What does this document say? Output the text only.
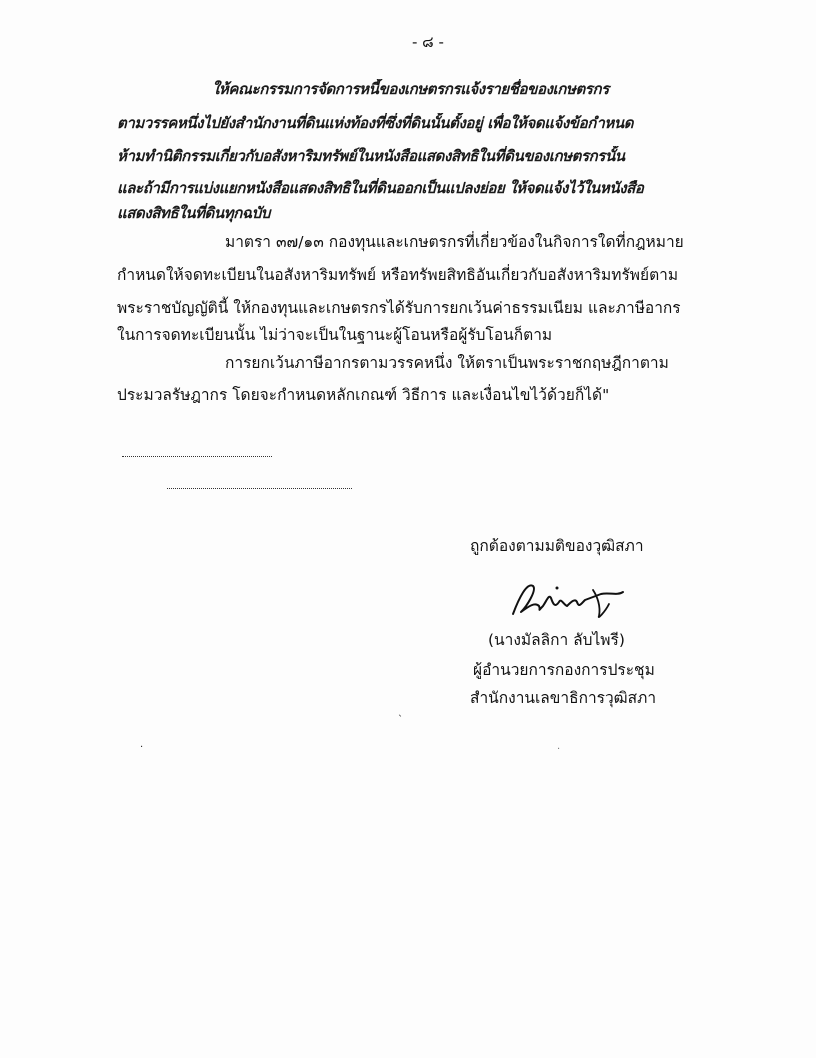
- ๘ -
ให้คณะกรรมการจัดการหนี้ของเกษตรกรแจ้งรายชื่อของเกษตรกร
ตามวรรคหนึ่งไปยังสำนักงานที่ดินแห่งท้องที่ซึ่งที่ดินนั้นตั้งอยู่ เพื่อให้จดแจ้งข้อกำหนด
ห้ามทำนิติกรรมเกี่ยวกับอสังหาริมทรัพย์ในหนังสือแสดงสิทธิในที่ดินของเกษตรกรนั้น
และถ้ามีการแบ่งแยกหนังสือแสดงสิทธิในที่ดินออกเป็นแปลงย่อย ให้จดแจ้งไว้ในหนังสือ
แสดงสิทธิในที่ดินทุกฉบับ
มาตรา ๓๗/๑๓ กองทุนและเกษตรกรที่เกี่ยวข้องในกิจการใดที่กฎหมาย
กำหนดให้จดทะเบียนในอสังหาริมทรัพย์ หรือทรัพยสิทธิอันเกี่ยวกับอสังหาริมทรัพย์ตาม
พระราชบัญญัตินี้ ให้กองทุนและเกษตรกรได้รับการยกเว้นค่าธรรมเนียม และภาษีอากร
ในการจดทะเบียนนั้น ไม่ว่าจะเป็นในฐานะผู้โอนหรือผู้รับโอนก็ตาม
การยกเว้นภาษีอากรตามวรรคหนึ่ง ให้ตราเป็นพระราชกฤษฎีกาตาม
ประมวลรัษฎากร โดยจะกำหนดหลักเกณฑ์ วิธีการ และเงื่อนไขไว้ด้วยก็ได้"
ถูกต้องตามมติของวุฒิสภา
(นางมัลลิกา ลับไพรี)
ผู้อำนวยการกองการประชุม
สำนักงานเลขาธิการวุฒิสภา
ˎ
·	·
